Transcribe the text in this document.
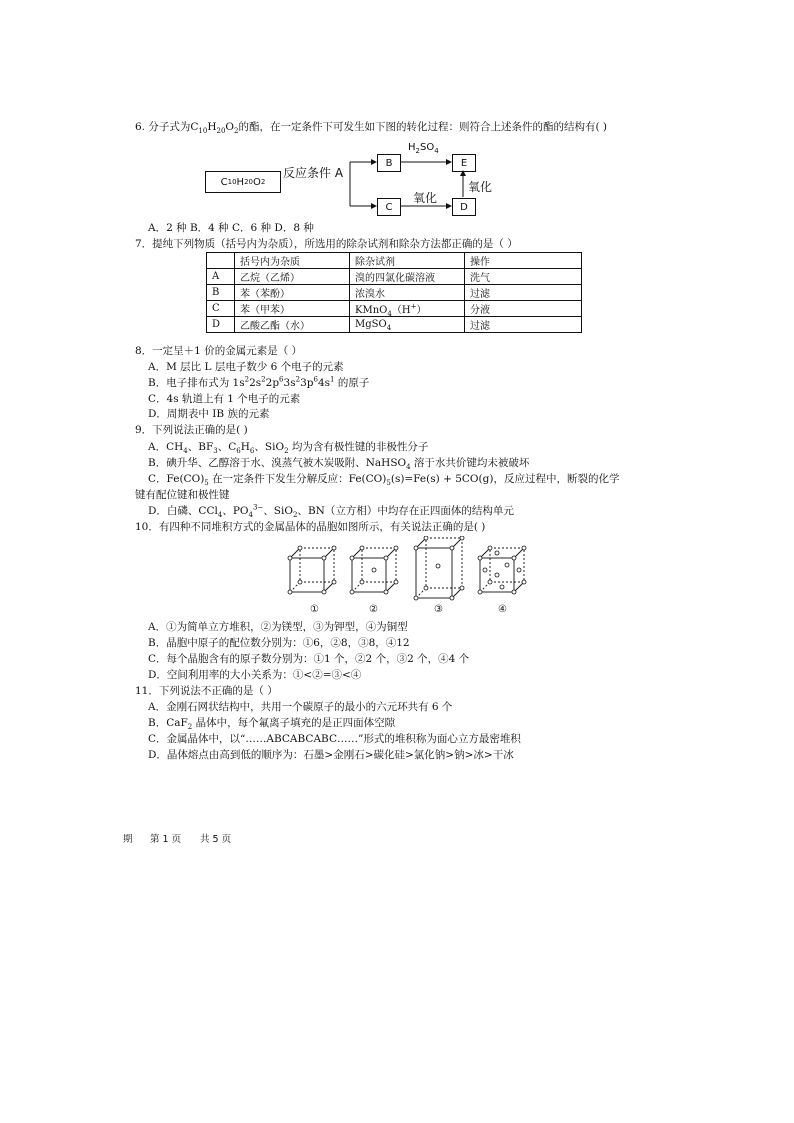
6. 分子式为$C_{10}H_{20}O_2$的酯，在一定条件下可发生如下图的转化过程：则符合上述条件的酯的结构有( )
C 10 H 20 O 2
反应条件 A
B
C
E
D
$H_2SO_4$
氧化
氧化
A．2 种 B．4 种 C．6 种 D．8 种
7．提纯下列物质（括号内为杂质），所选用的除杂试剂和除杂方法都正确的是（ ）
	括号内为杂质	除杂试剂	操作
A	乙烷（乙烯）	溴的四氯化碳溶液	洗气
B	苯（苯酚）	浓溴水	过滤
C	苯（甲苯）	KMnO$_4$（H+）	分液
D	乙酸乙酯（水）	MgSO$_4$	过滤
8．一定呈＋1 价的金属元素是（ ）
A．M 层比 L 层电子数少 6 个电子的元素
B．电子排布式为 $1s^22s^22p^63s^23p^64s^1$ 的原子
C．4s 轨道上有 1 个电子的元素
D．周期表中 IB 族的元素
9．下列说法正确的是( )
A．$CH_4$、$BF_3$、$C_6H_6$、SiO$_2$ 均为含有极性键的非极性分子
B．碘升华、乙醇溶于水、溴蒸气被木炭吸附、NaHSO$_4$ 溶于水共价键均未被破坏
C．$Fe(CO)_5$ 在一定条件下发生分解反应：$Fe(CO)_5(s)=Fe(s) + 5CO(g)$，反应过程中，断裂的化学
键有配位键和极性键
D．白磷、CCl$_4$、$PO_4^{3-}$、SiO$_2$、BN（立方相）中均存在正四面体的结构单元
10．有四种不同堆积方式的金属晶体的晶胞如图所示，有关说法正确的是( )
①	②	③	④
A．①为简单立方堆积，②为镁型，③为钾型，④为铜型
B．晶胞中原子的配位数分别为：①6，②8，③8，④12
C．每个晶胞含有的原子数分别为：①1 个，②2 个，③2 个，④4 个
D．空间利用率的大小关系为：①<②=③<④
11．下列说法不正确的是（ ）
A．金刚石网状结构中，共用一个碳原子的最小的六元环共有 6 个
B．CaF$_2$ 晶体中，每个氟离子填充的是正四面体空隙
C．金属晶体中，以“……ABCABCABC……”形式的堆积称为面心立方最密堆积
D．晶体熔点由高到低的顺序为：石墨>金刚石>碳化硅>氯化钠>钠>冰>干冰
期 第 1 页 共 5 页
